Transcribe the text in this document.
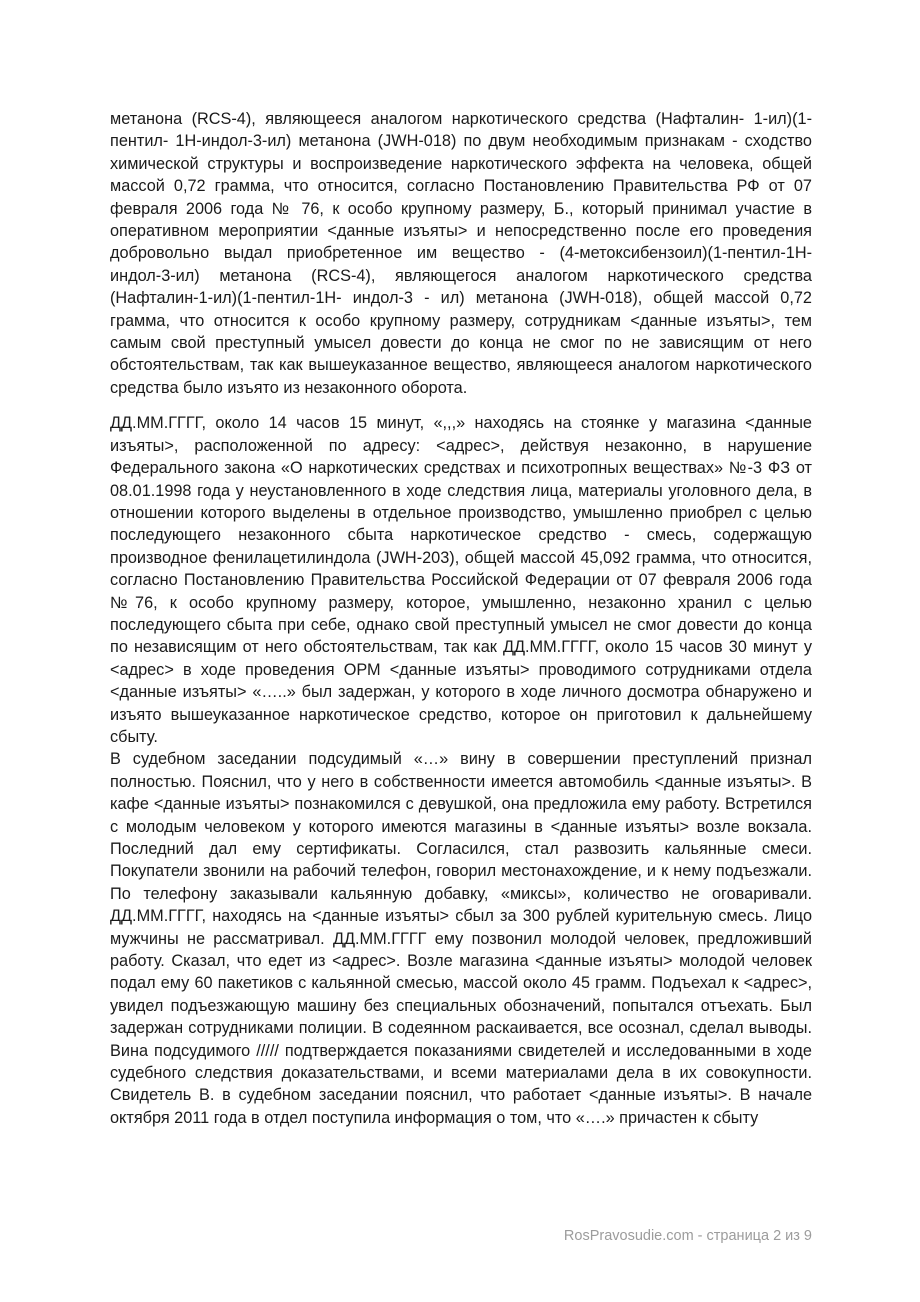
метанона (RCS-4), являющееся аналогом наркотического средства (Нафталин- 1-ил)(1-пентил- 1Н-индол-3-ил) метанона (JWH-018) по двум необходимым признакам - сходство химической структуры и воспроизведение наркотического эффекта на человека, общей массой 0,72 грамма, что относится, согласно Постановлению Правительства РФ от 07 февраля 2006 года № 76, к особо крупному размеру, Б., который принимал участие в оперативном мероприятии <данные изъяты> и непосредственно после его проведения добровольно выдал приобретенное им вещество - (4-метоксибензоил)(1-пентил-1Н-индол-3-ил) метанона (RCS-4), являющегося аналогом наркотического средства (Нафталин-1-ил)(1-пентил-1Н- индол-3 - ил) метанона (JWH-018), общей массой 0,72 грамма, что относится к особо крупному размеру, сотрудникам <данные изъяты>, тем самым свой преступный умысел довести до конца не смог по не зависящим от него обстоятельствам, так как вышеуказанное вещество, являющееся аналогом наркотического средства было изъято из незаконного оборота.

ДД.ММ.ГГГГ, около 14 часов 15 минут, «,,,» находясь на стоянке у магазина <данные изъяты>, расположенной по адресу: <адрес>, действуя незаконно, в нарушение Федерального закона «О наркотических средствах и психотропных веществах» №-3 ФЗ от 08.01.1998 года у неустановленного в ходе следствия лица, материалы уголовного дела, в отношении которого выделены в отдельное производство, умышленно приобрел с целью последующего незаконного сбыта наркотическое средство - смесь, содержащую производное фенилацетилиндола (JWH-203), общей массой 45,092 грамма, что относится, согласно Постановлению Правительства Российской Федерации от 07 февраля 2006 года №76, к особо крупному размеру, которое, умышленно, незаконно хранил с целью последующего сбыта при себе, однако свой преступный умысел не смог довести до конца по независящим от него обстоятельствам, так как ДД.ММ.ГГГГ, около 15 часов 30 минут у <адрес> в ходе проведения ОРМ <данные изъяты> проводимого сотрудниками отдела <данные изъяты> «…..» был задержан, у которого в ходе личного досмотра обнаружено и изъято вышеуказанное наркотическое средство, которое он приготовил к дальнейшему сбыту.
В судебном заседании подсудимый «…» вину в совершении преступлений признал полностью. Пояснил, что у него в собственности имеется автомобиль <данные изъяты>. В кафе <данные изъяты> познакомился с девушкой, она предложила ему работу. Встретился с молодым человеком у которого имеются магазины в <данные изъяты> возле вокзала. Последний дал ему сертификаты. Согласился, стал развозить кальянные смеси. Покупатели звонили на рабочий телефон, говорил местонахождение, и к нему подъезжали. По телефону заказывали кальянную добавку, «миксы», количество не оговаривали. ДД.ММ.ГГГГ, находясь на <данные изъяты> сбыл за 300 рублей курительную смесь. Лицо мужчины не рассматривал. ДД.ММ.ГГГГ ему позвонил молодой человек, предложивший работу. Сказал, что едет из <адрес>. Возле магазина <данные изъяты> молодой человек подал ему 60 пакетиков с кальянной смесью, массой около 45 грамм. Подъехал к <адрес>, увидел подъезжающую машину без специальных обозначений, попытался отъехать. Был задержан сотрудниками полиции. В содеянном раскаивается, все осознал, сделал выводы. Вина подсудимого ///// подтверждается показаниями свидетелей и исследованными в ходе судебного следствия доказательствами, и всеми материалами дела в их совокупности. Свидетель В. в судебном заседании пояснил, что работает <данные изъяты>. В начале октября 2011 года в отдел поступила информация о том, что «….» причастен к сбыту

RosPravosudie.com - страница 2 из 9
